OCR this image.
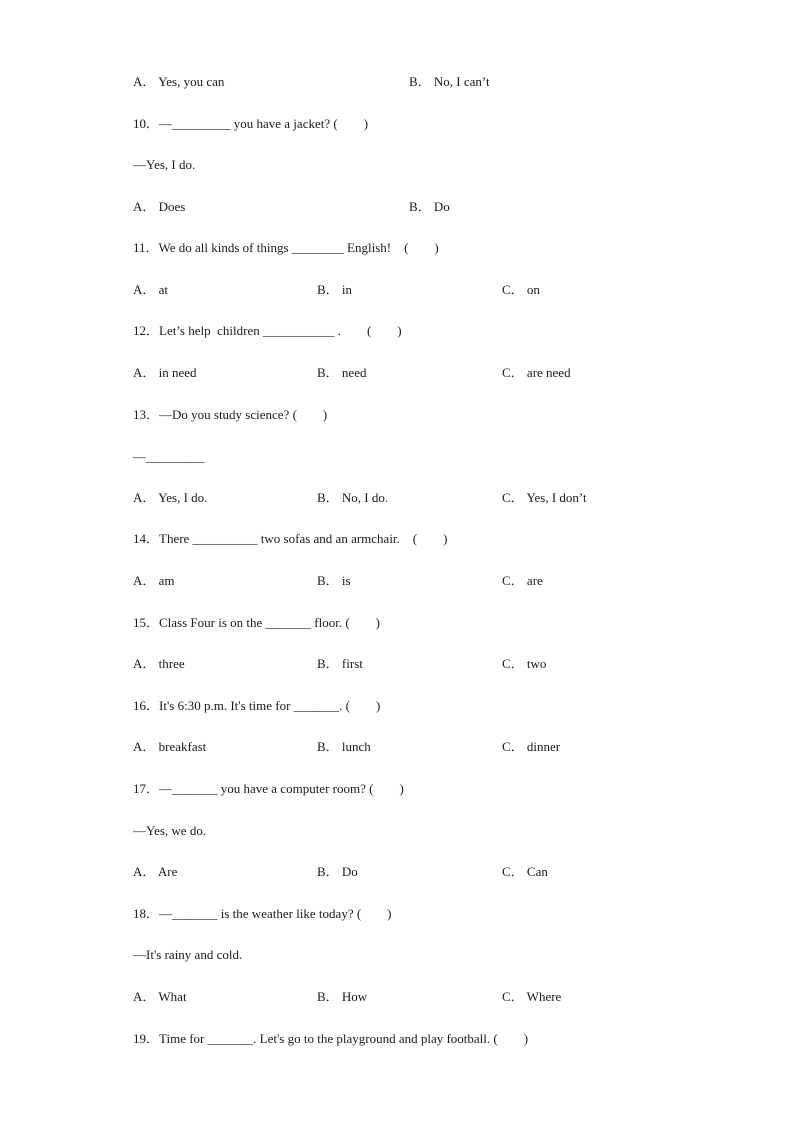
A． Yes, you can	B． No, I can’t
10．—_________ you have a jacket? (　　)
—Yes, I do.
A． Does	B． Do
11．We do all kinds of things ________ English!　(　　)
A． at	B． in	C． on
12．Let’s help  children ___________ .　　(　　)
A． in need	B． need	C． are need
13．—Do you study science? (　　)
—_________
A． Yes, I do.	B． No, I do.	C． Yes, I don’t
14．There __________ two sofas and an armchair.　(　　)
A． am	B． is	C． are
15．Class Four is on the _______ floor. (　　)
A． three	B． first	C． two
16．It's 6:30 p.m. It's time for _______. (　　)
A． breakfast	B． lunch	C． dinner
17．—_______ you have a computer room? (　　)
—Yes, we do.
A． Are	B． Do	C． Can
18．—_______ is the weather like today? (　　)
—It's rainy and cold.
A． What	B． How	C． Where
19．Time for _______. Let's go to the playground and play football. (　　)
